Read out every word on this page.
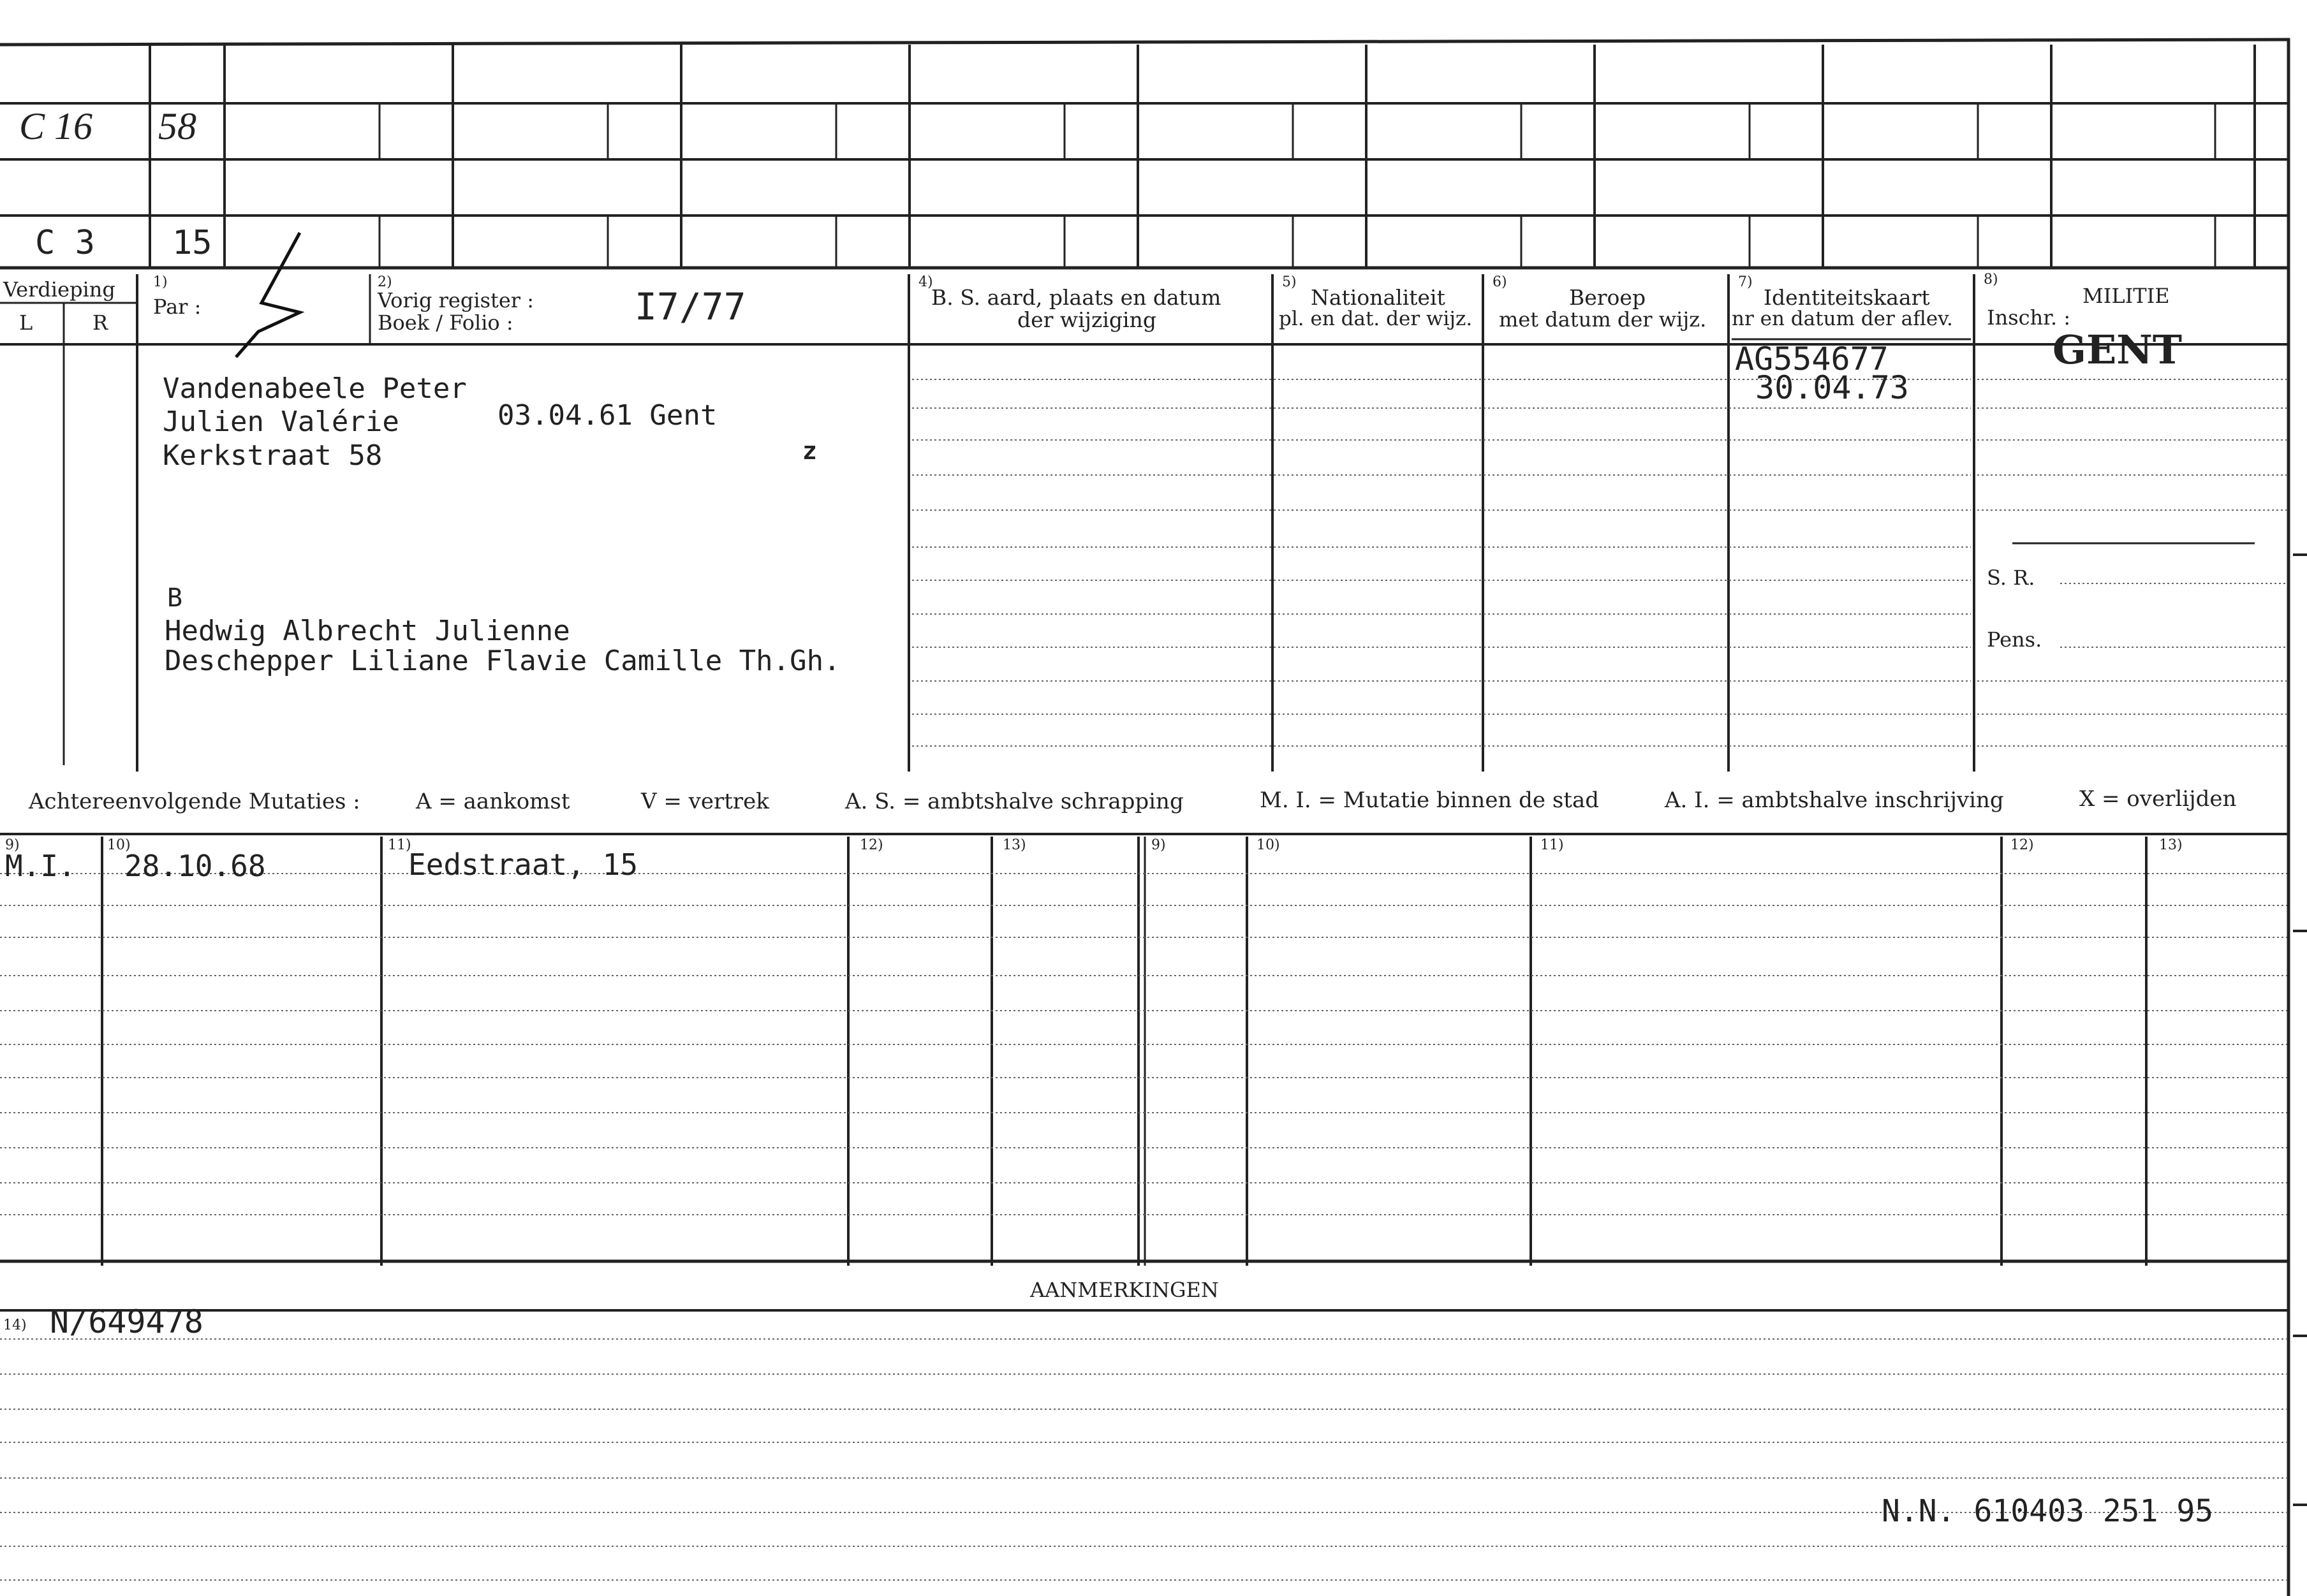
C 16 58
C 3 15
Verdieping
L	R
1)
Par :
2)
Vorig register :
Boek / Folio :	I7/77
4)
B. S. aard, plaats en datum
der wijziging
5)
Nationaliteit
pl. en dat. der wijz.
6)
Beroep
met datum der wijz.
7)
Identiteitskaart
nr en datum der aflev.
8)
MILITIE
Inschr. :
GENT
S. R.
Pens.
Vandenabeele Peter
Julien Valérie
Kerkstraat 58
03.04.61 Gent
z
B
Hedwig Albrecht Julienne
Deschepper Liliane Flavie Camille Th.Gh.
AG554677
30.04.73
Achtereenvolgende Mutaties :	A = aankomst	V = vertrek	A. S. = ambtshalve schrapping	M. I. = Mutatie binnen de stad	A. I. = ambtshalve inschrijving	X = overlijden
9)	10)	11)	12)	13)	9)	10)	11)	12)	13)
M.I. 28.10.68	Eedstraat, 15
AANMERKINGEN
14) N/649478
N.N. 610403 251 95
